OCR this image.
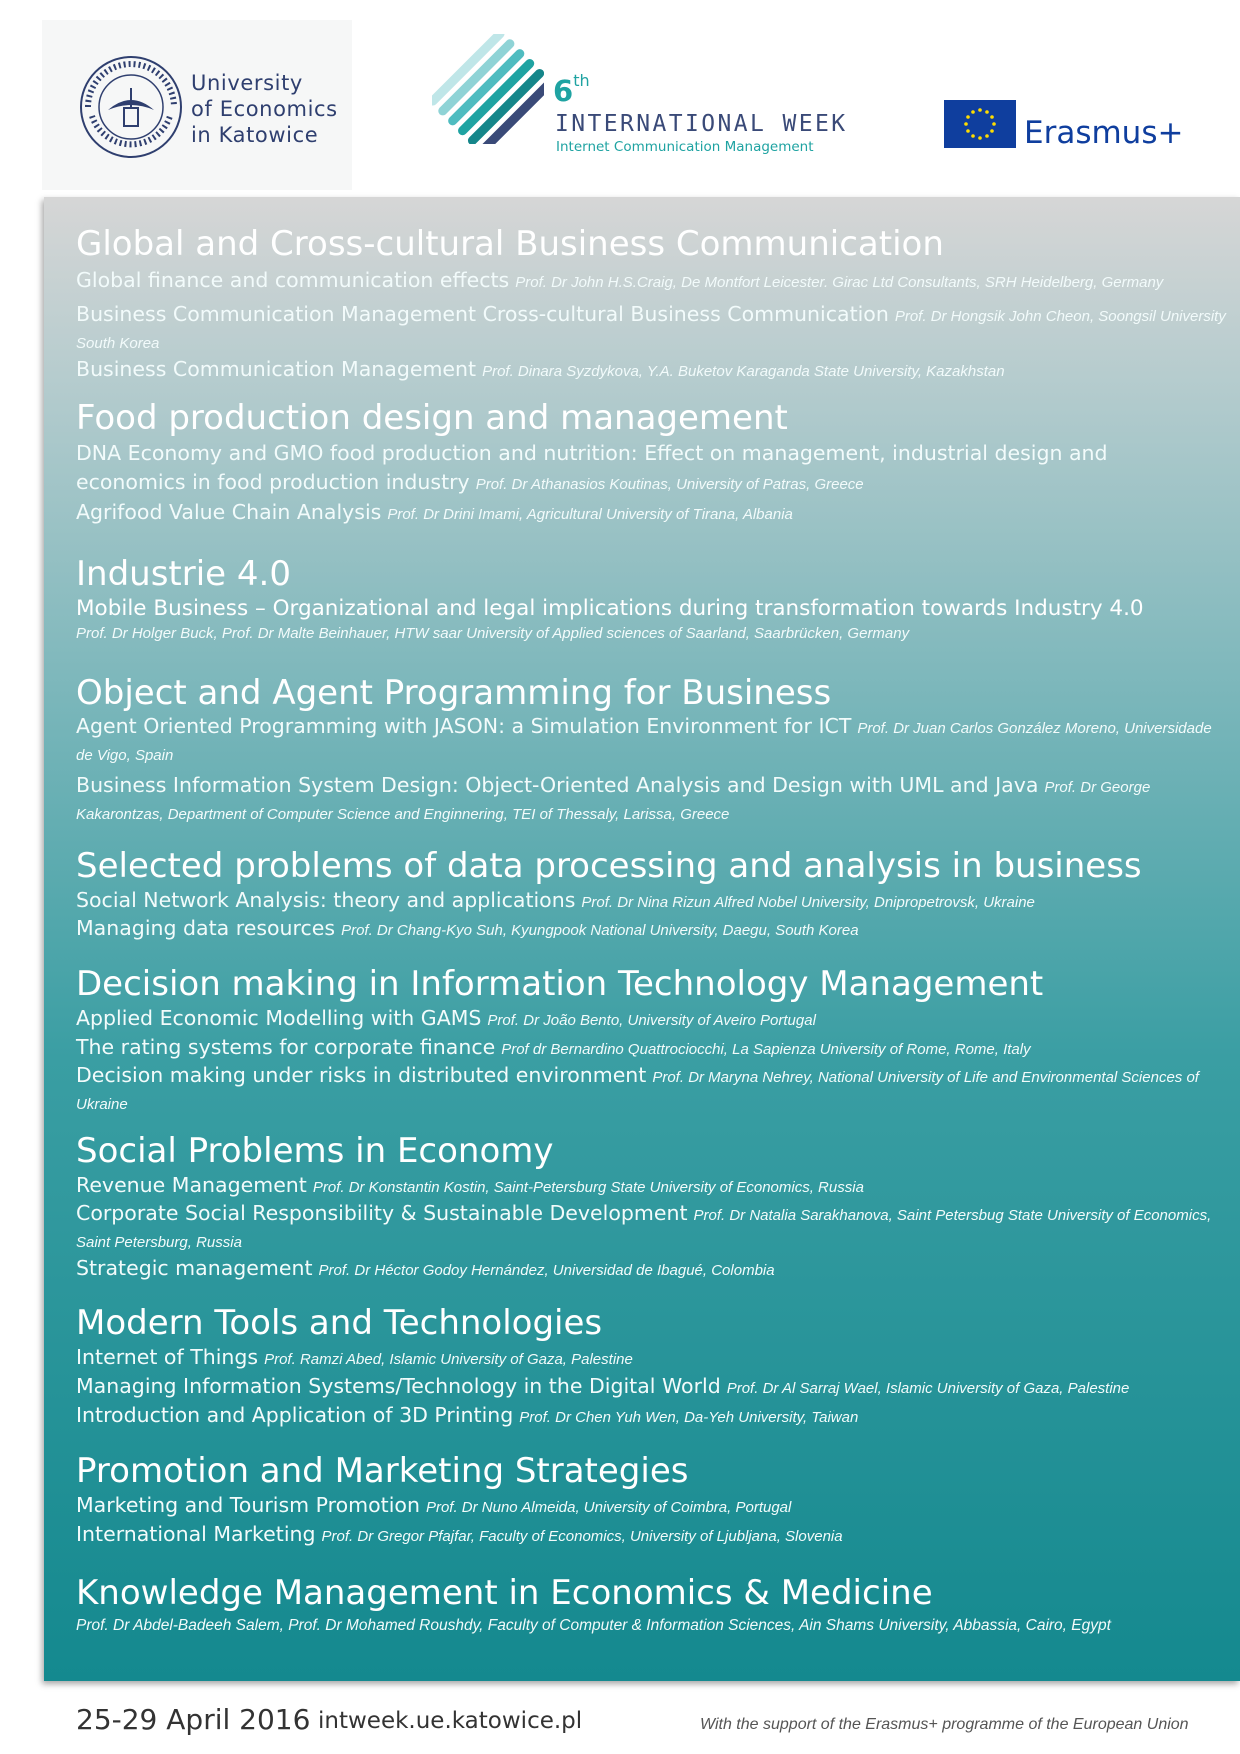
University
of Economics
in Katowice
6th
INTERNATIONAL WEEK
Internet Communication Management	Erasmus+
Global and Cross-cultural Business Communication

Global finance and communication effects Prof. Dr John H.S.Craig, De Montfort Leicester. Girac Ltd Consultants, SRH Heidelberg, Germany

Business Communication Management Cross-cultural Business Communication Prof. Dr Hongsik John Cheon, Soongsil University South Korea

Business Communication Management Prof. Dinara Syzdykova, Y.A. Buketov Karaganda State University, Kazakhstan

Food production design and management

DNA Economy and GMO food production and nutrition: Effect on management, industrial design and economics in food production industry Prof. Dr Athanasios Koutinas, University of Patras, Greece

Agrifood Value Chain Analysis Prof. Dr Drini Imami, Agricultural University of Tirana, Albania

Industrie 4.0

Mobile Business – Organizational and legal implications during transformation towards Industry 4.0

Prof. Dr Holger Buck, Prof. Dr Malte Beinhauer, HTW saar University of Applied sciences of Saarland, Saarbrücken, Germany
Object and Agent Programming for Business

Agent Oriented Programming with JASON: a Simulation Environment for ICT Prof. Dr Juan Carlos González Moreno, Universidade de Vigo, Spain

Business Information System Design: Object-Oriented Analysis and Design with UML and Java Prof. Dr George Kakarontzas, Department of Computer Science and Enginnering, TEI of Thessaly, Larissa, Greece

Selected problems of data processing and analysis in business

Social Network Analysis: theory and applications Prof. Dr Nina Rizun Alfred Nobel University, Dnipropetrovsk, Ukraine

Managing data resources Prof. Dr Chang-Kyo Suh, Kyungpook National University, Daegu, South Korea

Decision making in Information Technology Management

Applied Economic Modelling with GAMS Prof. Dr João Bento, University of Aveiro Portugal

The rating systems for corporate finance Prof dr Bernardino Quattrociocchi, La Sapienza University of Rome, Rome, Italy

Decision making under risks in distributed environment Prof. Dr Maryna Nehrey, National University of Life and Environmental Sciences of Ukraine

Social Problems in Economy

Revenue Management Prof. Dr Konstantin Kostin, Saint-Petersburg State University of Economics, Russia

Corporate Social Responsibility & Sustainable Development Prof. Dr Natalia Sarakhanova, Saint Petersbug State University of Economics, Saint Petersburg, Russia

Strategic management Prof. Dr Héctor Godoy Hernández, Universidad de Ibagué, Colombia

Modern Tools and Technologies

Internet of Things Prof. Ramzi Abed, Islamic University of Gaza, Palestine

Managing Information Systems/Technology in the Digital World Prof. Dr Al Sarraj Wael, Islamic University of Gaza, Palestine

Introduction and Application of 3D Printing Prof. Dr Chen Yuh Wen, Da-Yeh University, Taiwan

Promotion and Marketing Strategies

Marketing and Tourism Promotion Prof. Dr Nuno Almeida, University of Coimbra, Portugal

International Marketing Prof. Dr Gregor Pfajfar, Faculty of Economics, University of Ljubljana, Slovenia

Knowledge Management in Economics & Medicine
Prof. Dr Abdel-Badeeh Salem, Prof. Dr Mohamed Roushdy, Faculty of Computer & Information Sciences, Ain Shams University, Abbassia, Cairo, Egypt
25-29 April 2016 intweek.ue.katowice.pl	With the support of the Erasmus+ programme of the European Union
